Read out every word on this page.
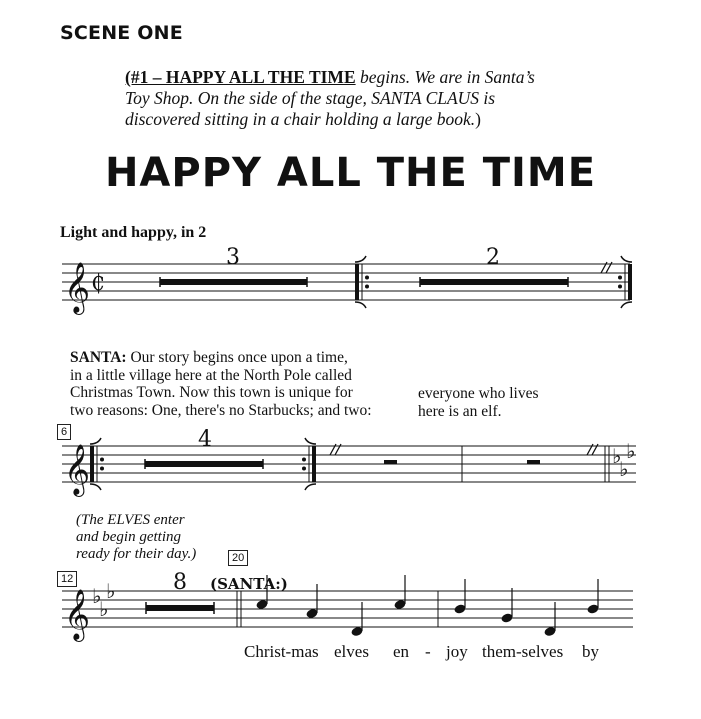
SCENE ONE
(#1 – HAPPY ALL THE TIME begins. We are in Santa’s
Toy Shop. On the side of the stage, SANTA CLAUS is
discovered sitting in a chair holding a large book.)
HAPPY ALL THE TIME
Light and happy, in 2
𝄞 ₵
3	2
𝄞
4
♭
♭
♭
𝄞 ♭
♭
♭	8 (SANTA:)
SANTA: Our story begins once upon a time,
in a little village here at the North Pole called
Christmas Town. Now this town is unique for
two reasons: One, there's no Starbucks; and two:
everyone who lives
here is an elf.
6
12
20
(The ELVES enter
and begin getting
ready for their day.)
Christ-mas elves en - joy them-selves by
